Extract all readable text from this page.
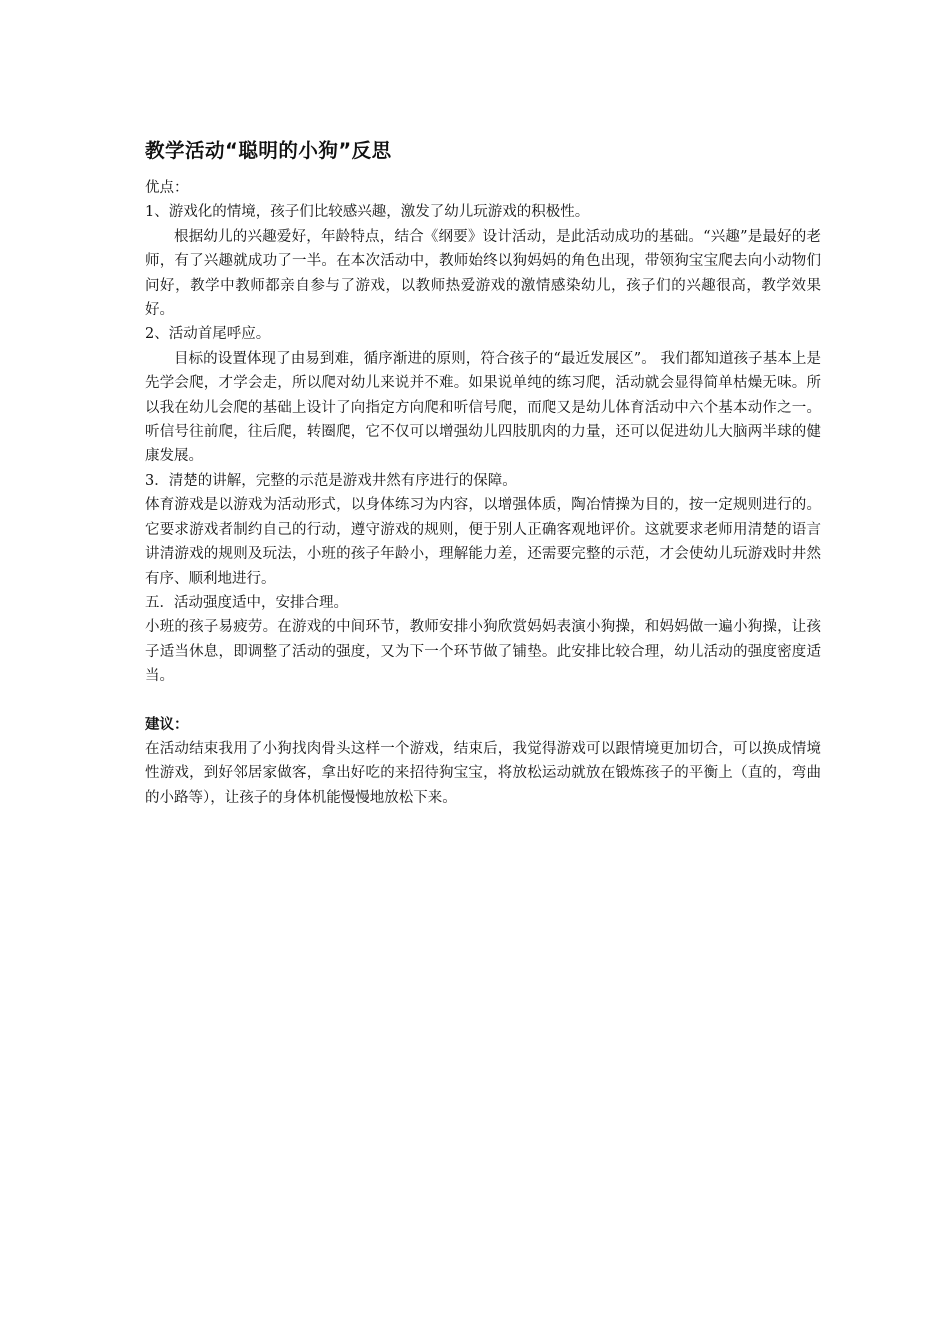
教学活动“聪明的小狗”反思

优点：

1、游戏化的情境，孩子们比较感兴趣，激发了幼儿玩游戏的积极性。

根据幼儿的兴趣爱好，年龄特点，结合《纲要》设计活动，是此活动成功的基础。“兴趣”是最好的老师，有了兴趣就成功了一半。在本次活动中，教师始终以狗妈妈的角色出现，带领狗宝宝爬去向小动物们问好，教学中教师都亲自参与了游戏，以教师热爱游戏的激情感染幼儿，孩子们的兴趣很高，教学效果好。

2、活动首尾呼应。

目标的设置体现了由易到难，循序渐进的原则，符合孩子的“最近发展区”。 我们都知道孩子基本上是先学会爬，才学会走，所以爬对幼儿来说并不难。如果说单纯的练习爬，活动就会显得简单枯燥无味。所以我在幼儿会爬的基础上设计了向指定方向爬和听信号爬，而爬又是幼儿体育活动中六个基本动作之一。听信号往前爬，往后爬，转圈爬，它不仅可以增强幼儿四肢肌肉的力量，还可以促进幼儿大脑两半球的健康发展。

3．清楚的讲解，完整的示范是游戏井然有序进行的保障。

体育游戏是以游戏为活动形式，以身体练习为内容，以增强体质，陶冶情操为目的，按一定规则进行的。它要求游戏者制约自己的行动，遵守游戏的规则，便于别人正确客观地评价。这就要求老师用清楚的语言讲清游戏的规则及玩法，小班的孩子年龄小，理解能力差，还需要完整的示范，才会使幼儿玩游戏时井然有序、顺利地进行。

五．活动强度适中，安排合理。

小班的孩子易疲劳。在游戏的中间环节，教师安排小狗欣赏妈妈表演小狗操，和妈妈做一遍小狗操，让孩子适当休息，即调整了活动的强度，又为下一个环节做了铺垫。此安排比较合理，幼儿活动的强度密度适当。

建议：

在活动结束我用了小狗找肉骨头这样一个游戏，结束后，我觉得游戏可以跟情境更加切合，可以换成情境性游戏，到好邻居家做客，拿出好吃的来招待狗宝宝，将放松运动就放在锻炼孩子的平衡上（直的，弯曲的小路等），让孩子的身体机能慢慢地放松下来。
